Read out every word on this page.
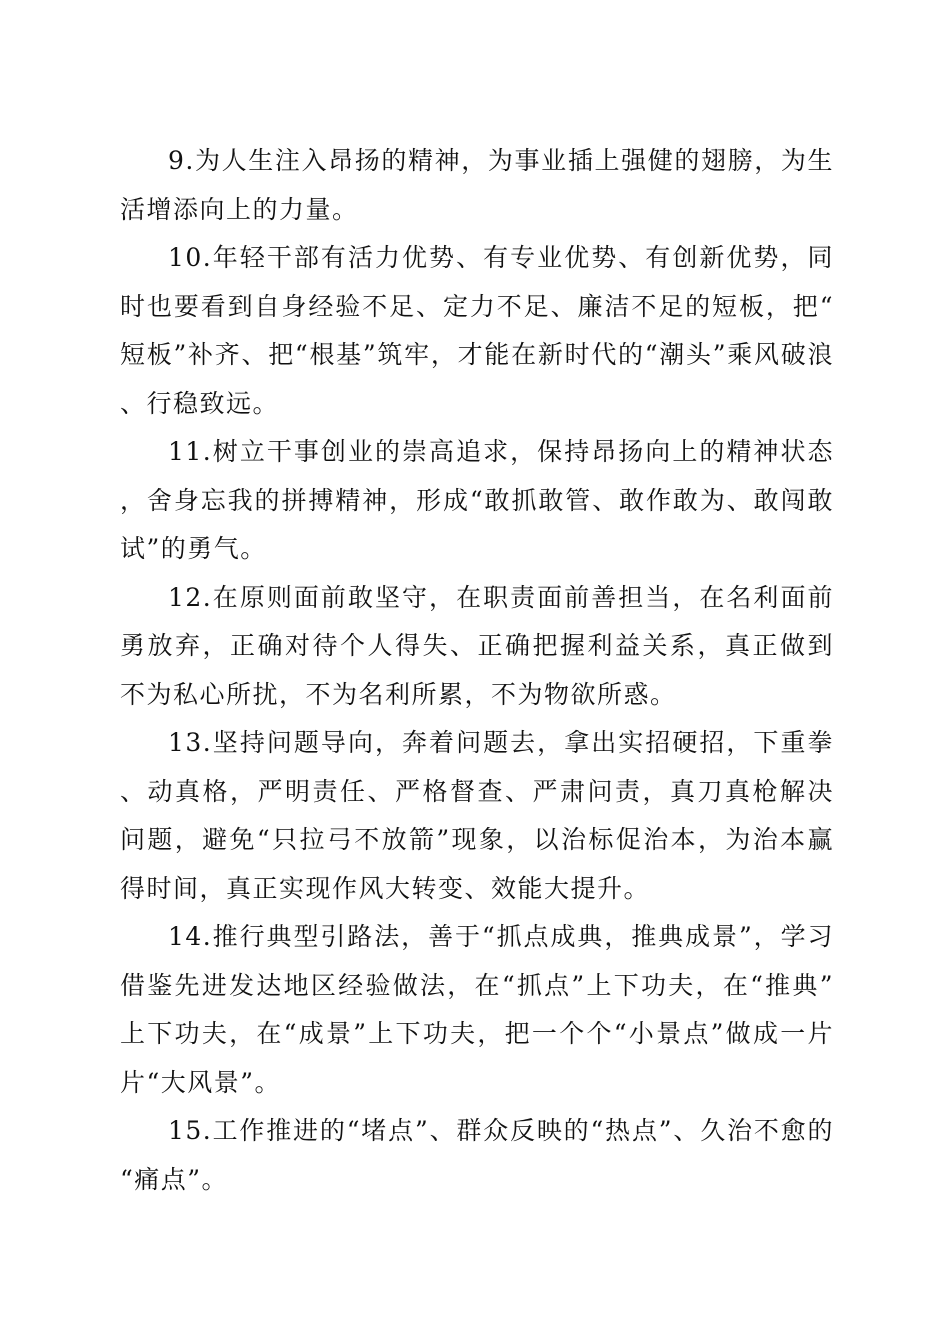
9.为人生注入昂扬的精神，为事业插上强健的翅膀，为生活增添向上的力量。

10.年轻干部有活力优势、有专业优势、有创新优势，同时也要看到自身经验不足、定力不足、廉洁不足的短板，把“短板”补齐、把“根基”筑牢，才能在新时代的“潮头”乘风破浪、行稳致远。

11.树立干事创业的崇高追求，保持昂扬向上的精神状态，舍身忘我的拼搏精神，形成“敢抓敢管、敢作敢为、敢闯敢试”的勇气。

12.在原则面前敢坚守，在职责面前善担当，在名利面前勇放弃，正确对待个人得失、正确把握利益关系，真正做到不为私心所扰，不为名利所累，不为物欲所惑。

13.坚持问题导向，奔着问题去，拿出实招硬招，下重拳、动真格，严明责任、严格督查、严肃问责，真刀真枪解决问题，避免“只拉弓不放箭”现象，以治标促治本，为治本赢得时间，真正实现作风大转变、效能大提升。

14.推行典型引路法，善于“抓点成典，推典成景”，学习借鉴先进发达地区经验做法，在“抓点”上下功夫，在“推典”上下功夫，在“成景”上下功夫，把一个个“小景点”做成一片片“大风景”。

15.工作推进的“堵点”、群众反映的“热点”、久治不愈的“痛点”。
